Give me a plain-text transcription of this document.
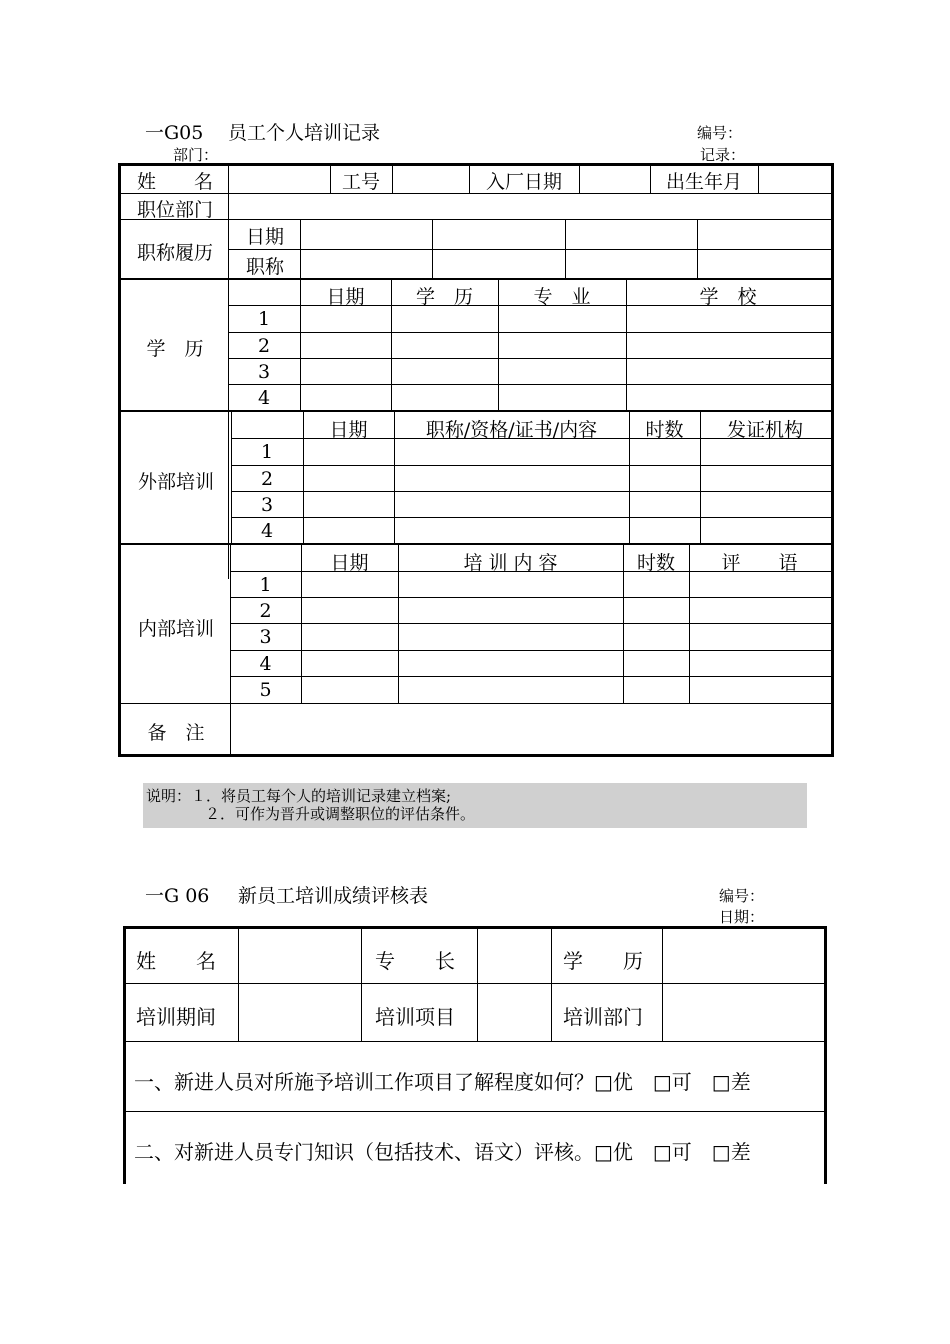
一G05 员工个人培训记录	编号：
部门：	记录：
姓　　名	工号	入厂日期	出生年月
职位部门
职称履历
日期
职称
学　历
日期	学　历	专　业	学　校
1
2
3
4
外部培训
日期	职称/资格/证书/内容	时数	发证机构
1
2
3
4
内部培训
日期	培 训 内 容	时数	评　　语
1
2
3
4
5
备　注
说明：１．将员工每个人的培训记录建立档案;
２．可作为晋升或调整职位的评估条件。
一G 06 新员工培训成绩评核表	编号：
日期：
姓　　名	专　　长	学　　历
培训期间	培训项目	培训部门
一、新进人员对所施予培训工作项目了解程度如何？□优　□可　□差
二、对新进人员专门知识（包括技术、语文）评核。□优　□可　□差
